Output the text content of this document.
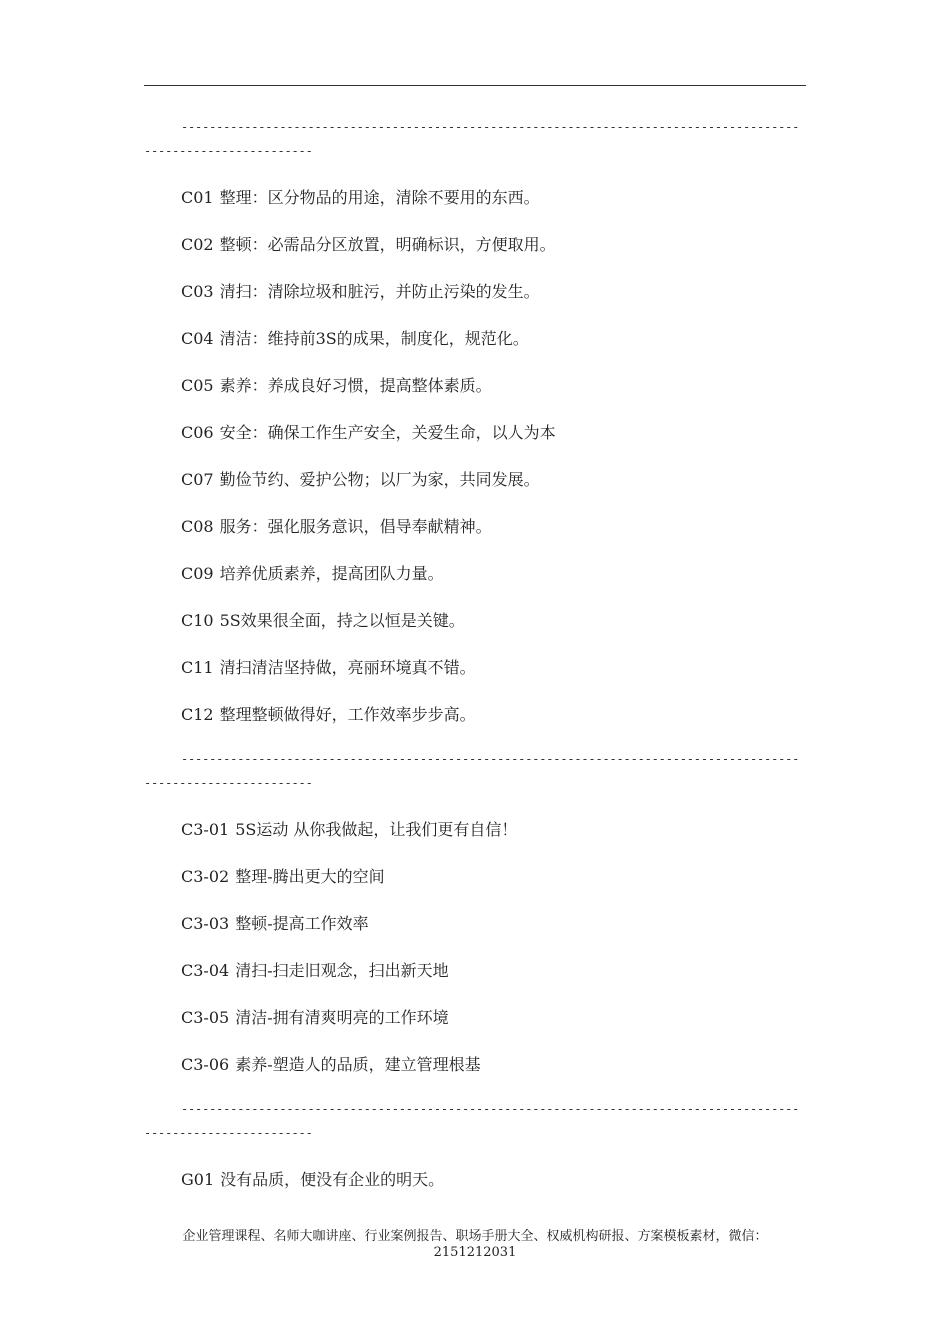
----------------------------------------------------------------------------------------------------------------

C01 整理：区分物品的用途，清除不要用的东西。

C02 整顿：必需品分区放置，明确标识，方便取用。

C03 清扫：清除垃圾和脏污，并防止污染的发生。

C04 清洁：维持前3S的成果，制度化，规范化。

C05 素养：养成良好习惯，提高整体素质。

C06 安全：确保工作生产安全，关爱生命，以人为本

C07 勤俭节约、爱护公物；以厂为家，共同发展。

C08 服务：强化服务意识，倡导奉献精神。

C09 培养优质素养，提高团队力量。

C10 5S效果很全面，持之以恒是关键。

C11 清扫清洁坚持做，亮丽环境真不错。

C12 整理整顿做得好，工作效率步步高。

----------------------------------------------------------------------------------------------------------------

C3-01 5S运动 从你我做起，让我们更有自信！

C3-02 整理-腾出更大的空间

C3-03 整顿-提高工作效率

C3-04 清扫-扫走旧观念，扫出新天地

C3-05 清洁-拥有清爽明亮的工作环境

C3-06 素养-塑造人的品质，建立管理根基

----------------------------------------------------------------------------------------------------------------

G01 没有品质，便没有企业的明天。

企业管理课程、名师大咖讲座、行业案例报告、职场手册大全、权威机构研报、方案模板素材，微信：
2151212031
